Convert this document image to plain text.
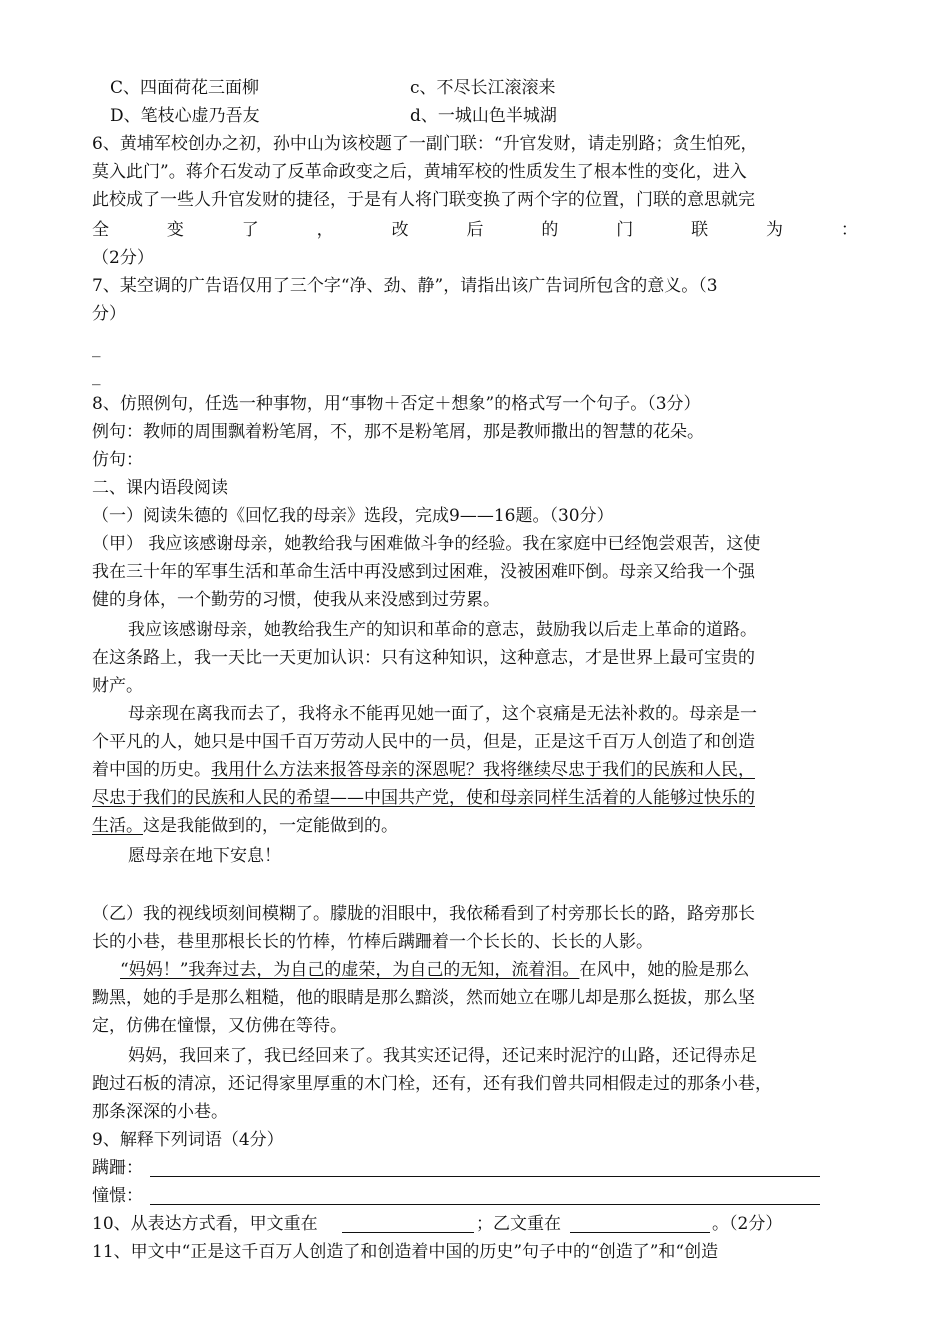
C、四面荷花三面柳	c、不尽长江滚滚来
D、笔枝心虚乃吾友	d、一城山色半城湖
6、黄埔军校创办之初，孙中山为该校题了一副门联：“升官发财，请走别路；贪生怕死，
莫入此门”。蒋介石发动了反革命政变之后，黄埔军校的性质发生了根本性的变化，进入
此校成了一些人升官发财的捷径，于是有人将门联变换了两个字的位置，门联的意思就完
全	变	了	，	改	后	的	门	联	为	：
（2分）
7、某空调的广告语仅用了三个字“净、劲、静”，请指出该广告词所包含的意义。（3
分）
_
_
8、仿照例句，任选一种事物，用“事物＋否定＋想象”的格式写一个句子。（3分）
例句：教师的周围飘着粉笔屑，不，那不是粉笔屑，那是教师撒出的智慧的花朵。
仿句：
二、课内语段阅读
（一）阅读朱德的《回忆我的母亲》选段，完成9——16题。（30分）
（甲） 我应该感谢母亲，她教给我与困难做斗争的经验。我在家庭中已经饱尝艰苦，这使
我在三十年的军事生活和革命生活中再没感到过困难，没被困难吓倒。母亲又给我一个强
健的身体，一个勤劳的习惯，使我从来没感到过劳累。
我应该感谢母亲，她教给我生产的知识和革命的意志，鼓励我以后走上革命的道路。
在这条路上，我一天比一天更加认识：只有这种知识，这种意志，才是世界上最可宝贵的
财产。
母亲现在离我而去了，我将永不能再见她一面了，这个哀痛是无法补救的。母亲是一
个平凡的人，她只是中国千百万劳动人民中的一员，但是，正是这千百万人创造了和创造
着中国的历史。我用什么方法来报答母亲的深恩呢？我将继续尽忠于我们的民族和人民，
尽忠于我们的民族和人民的希望——中国共产党，使和母亲同样生活着的人能够过快乐的
生活。这是我能做到的，一定能做到的。
愿母亲在地下安息！
（乙）我的视线顷刻间模糊了。朦胧的泪眼中，我依稀看到了村旁那长长的路，路旁那长
长的小巷，巷里那根长长的竹棒，竹棒后蹒跚着一个长长的、长长的人影。
“妈妈！”我奔过去，为自己的虚荣，为自己的无知，流着泪。在风中，她的脸是那么
黝黑，她的手是那么粗糙，他的眼睛是那么黯淡，然而她立在哪儿却是那么挺拔，那么坚
定，仿佛在憧憬，又仿佛在等待。
妈妈，我回来了，我已经回来了。我其实还记得，还记来时泥泞的山路，还记得赤足
跑过石板的清凉，还记得家里厚重的木门栓，还有，还有我们曾共同相假走过的那条小巷，
那条深深的小巷。
9、解释下列词语（4分）
蹒跚：
憧憬：
10、从表达方式看，甲文重在	；乙文重在	。（2分）
11、甲文中“正是这千百万人创造了和创造着中国的历史”句子中的“创造了”和“创造
